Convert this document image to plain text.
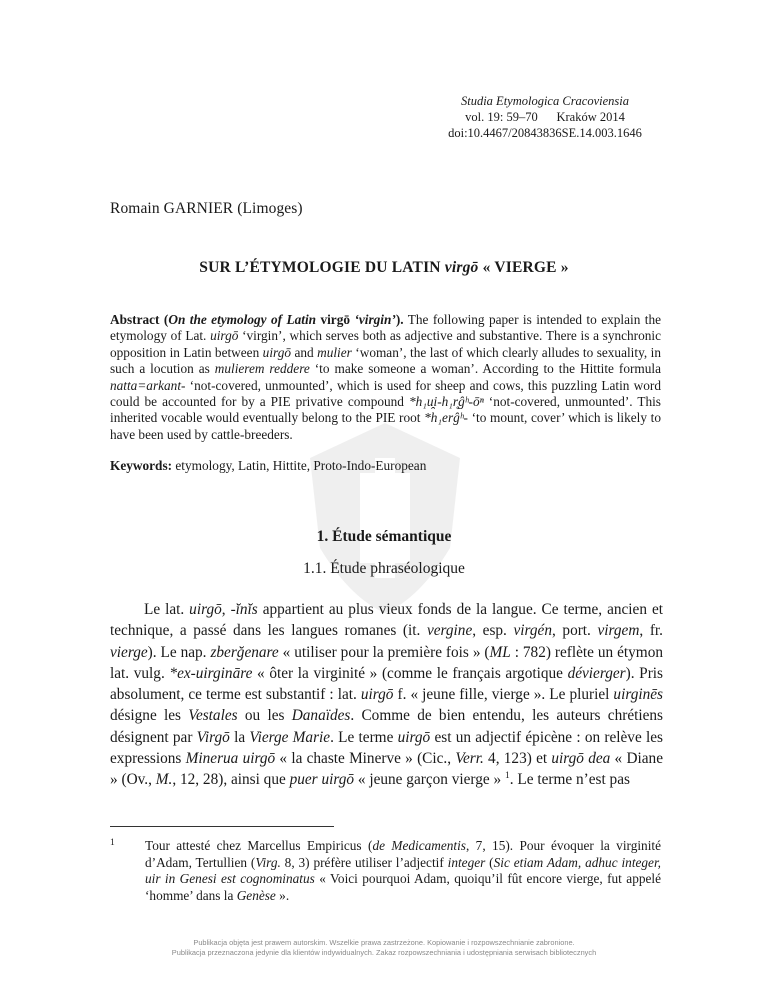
Studia Etymologica Cracoviensia
vol. 19: 59–70 Kraków 2014
doi:10.4467/20843836SE.14.003.1646
Romain GARNIER (Limoges)
SUR L’ÉTYMOLOGIE DU LATIN virgō « VIERGE »
Abstract (On the etymology of Latin virgō ‘virgin’). The following paper is intended to explain the etymology of Lat. uirgō ‘virgin’, which serves both as adjective and substantive. There is a synchronic opposition in Latin between uirgō and mulier ‘woman’, the last of which clearly alludes to sexuality, in such a locution as mulierem reddere ‘to make someone a woman’. According to the Hittite formula natta=arkant- ‘not-covered, unmounted’, which is used for sheep and cows, this puzzling Latin word could be accounted for by a PIE privative compound *h₁u̯i-h₁r̥ĝʰ-ōⁿ ‘not-covered, unmounted’. This inherited vocable would eventually belong to the PIE root *h₁erĝʰ- ‘to mount, cover’ which is likely to have been used by cattle-breeders.
Keywords: etymology, Latin, Hittite, Proto-Indo-European
1. Étude sémantique
1.1. Étude phraséologique

Le lat. uirgō, -ĭnĭs appartient au plus vieux fonds de la langue. Ce terme, ancien et technique, a passé dans les langues romanes (it. vergine, esp. virgén, port. virgem, fr. vierge). Le nap. zberğenare « utiliser pour la première fois » (ML : 782) reflète un étymon lat. vulg. *ex-uirgināre « ôter la virginité » (comme le français argotique dévierger). Pris absolument, ce terme est substantif : lat. uirgō f. « jeune fille, vierge ». Le pluriel uirginēs désigne les Vestales ou les Danaïdes. Comme de bien entendu, les auteurs chrétiens désignent par Virgō la Vierge Marie. Le terme uirgō est un adjectif épicène : on relève les expressions Minerua uirgō « la chaste Minerve » (Cic., Verr. 4, 123) et uirgō dea « Diane » (Ov., M., 12, 28), ainsi que puer uirgō « jeune garçon vierge » $^1$. Le terme n’est pas

1 Tour attesté chez Marcellus Empiricus (de Medicamentis, 7, 15). Pour évoquer la virginité d’Adam, Tertullien (Virg. 8, 3) préfère utiliser l’adjectif integer (Sic etiam Adam, adhuc integer, uir in Genesi est cognominatus « Voici pourquoi Adam, quoiqu’il fût encore vierge, fut appelé ‘homme’ dans la Genèse ».
Publikacja objęta jest prawem autorskim. Wszelkie prawa zastrzeżone. Kopiowanie i rozpowszechnianie zabronione.
Publikacja przeznaczona jedynie dla klientów indywidualnych. Zakaz rozpowszechniania i udostępniania serwisach bibliotecznych
